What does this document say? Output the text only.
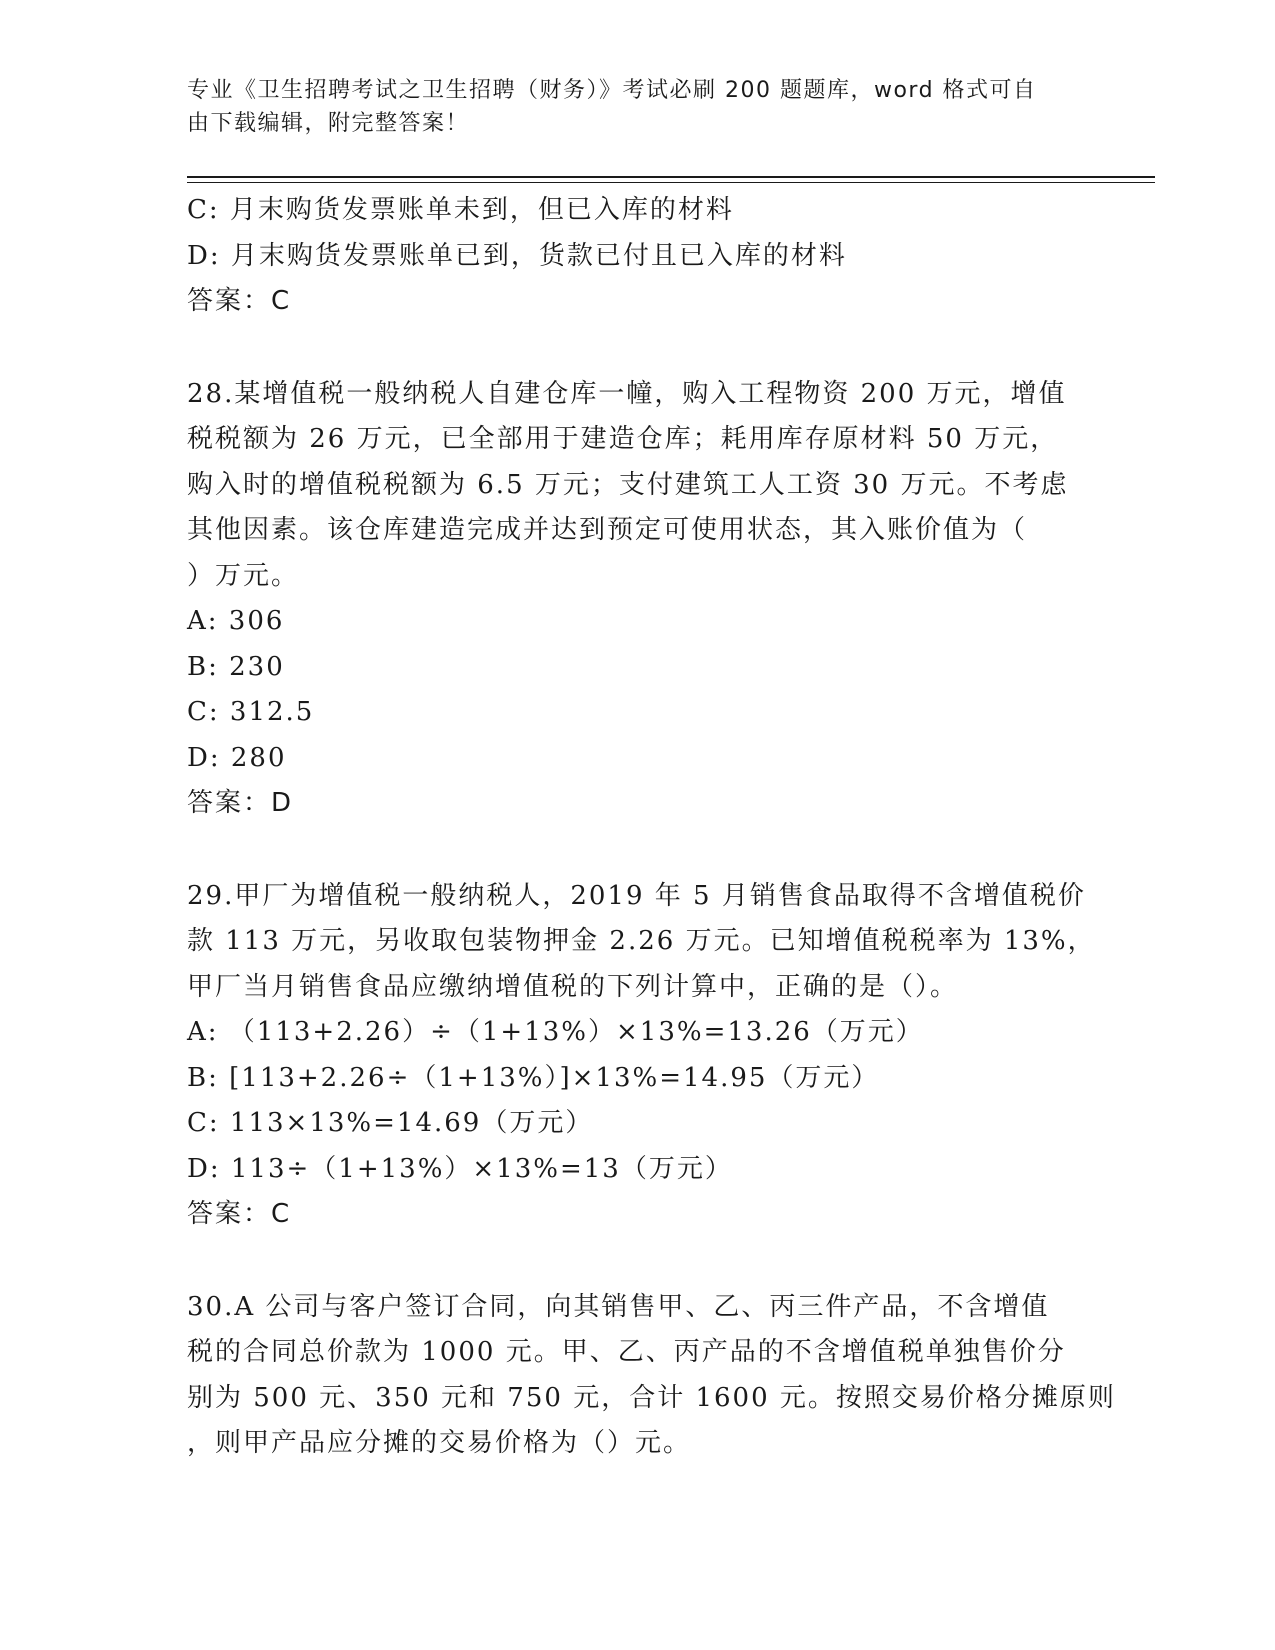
专业《卫生招聘考试之卫生招聘（财务）》考试必刷 200 题题库，word 格式可自
由下载编辑，附完整答案！
C: 月末购货发票账单未到，但已入库的材料
D: 月末购货发票账单已到，货款已付且已入库的材料
答案：C
28.某增值税一般纳税人自建仓库一幢，购入工程物资 200 万元，增值
税税额为 26 万元，已全部用于建造仓库；耗用库存原材料 50 万元，
购入时的增值税税额为 6.5 万元；支付建筑工人工资 30 万元。不考虑
其他因素。该仓库建造完成并达到预定可使用状态，其入账价值为（
）万元。
A: 306
B: 230
C: 312.5
D: 280
答案：D
29.甲厂为增值税一般纳税人，2019 年 5 月销售食品取得不含增值税价
款 113 万元，另收取包装物押金 2.26 万元。已知增值税税率为 13%，
甲厂当月销售食品应缴纳增值税的下列计算中，正确的是（）。
A: （113+2.26）÷（1+13%）×13%=13.26（万元）
B: [113+2.26÷（1+13%）]×13%=14.95（万元）
C: 113×13%=14.69（万元）
D: 113÷（1+13%）×13%=13（万元）
答案：C
30.A 公司与客户签订合同，向其销售甲、乙、丙三件产品，不含增值
税的合同总价款为 1000 元。甲、乙、丙产品的不含增值税单独售价分
别为 500 元、350 元和 750 元，合计 1600 元。按照交易价格分摊原则
，则甲产品应分摊的交易价格为（）元。
